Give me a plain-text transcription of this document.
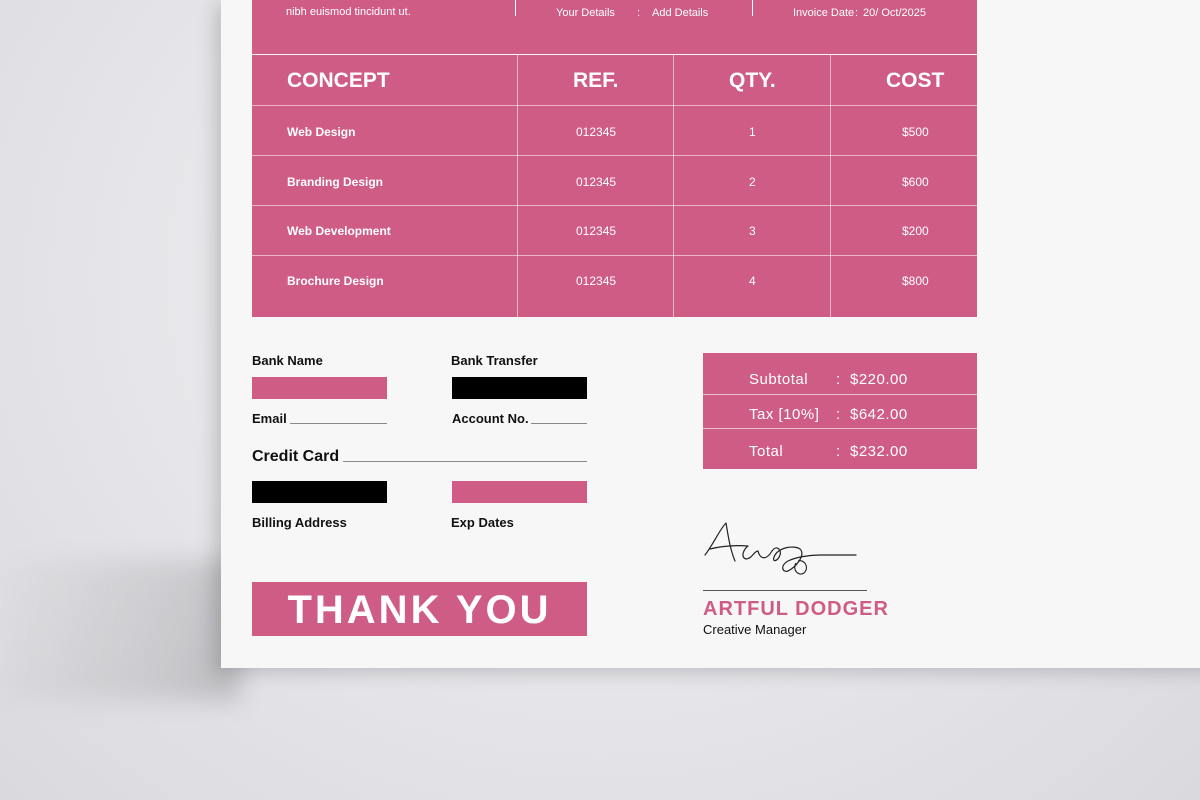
nibh euismod tincidunt ut.	Your Details : Add Details	Invoice Date : 20/ Oct/2025
CONCEPT	REF.	QTY.	COST
Web Design	012345	1	$500
Branding Design	012345	2	$600
Web Development	012345	3	$200
Brochure Design	012345	4	$800
Bank Name	Bank Transfer
Email	Account No.
Credit Card
Billing Address	Exp Dates
Subtotal : $220.00
Tax [10%] : $642.00
Total	: $232.00
THANK YOU	ARTFUL DODGER
Creative Manager
